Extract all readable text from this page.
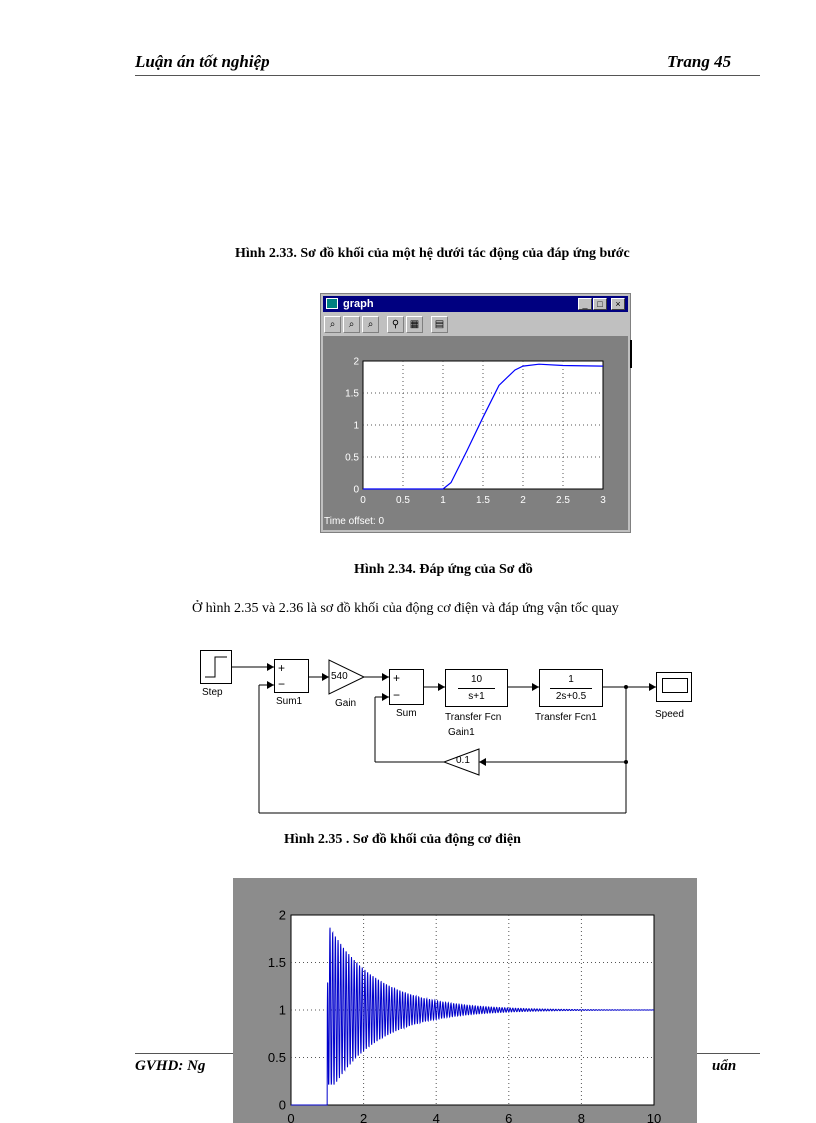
Luận án tốt nghiệp	Trang 45
Hình 2.33. Sơ đồ khối của một hệ dưới tác động của đáp ứng bước
graph	_	□	×
⌕	⌕	⌕	⚲	▦	▤
0	0.5	1	1.5	2	2.5	3
0
0.5
1
1.5
2
Time offset: 0
Hình 2.34. Đáp ứng của Sơ đồ
Ở hình 2.35 và 2.36 là sơ đồ khối của động cơ điện và đáp ứng vận tốc quay
Step
+
−
Sum1
540
Gain
+
−
Sum
10
s+1
Transfer Fcn
Gain1
1
2s+0.5
Transfer Fcn1
0.1
Speed
Hình 2.35 . Sơ đồ khối của động cơ điện
GVHD: Ng	uẩn
0	2	4	6	8	10
0
0.5
1
1.5
2
